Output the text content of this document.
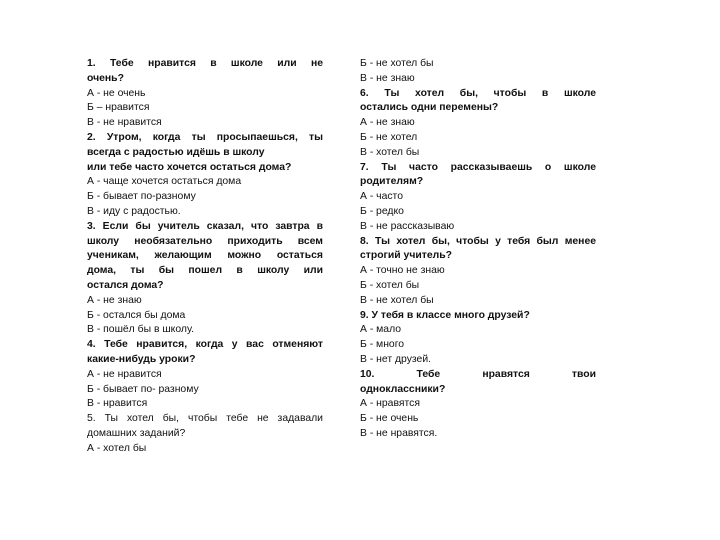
1. Тебе нравится в школе или не
очень?
А - не очень
Б – нравится
В - не нравится
2. Утром, когда ты просыпаешься, ты
всегда с радостью идёшь в школу
или тебе часто хочется остаться дома?
А - чаще хочется остаться дома
Б - бывает по-разному
В - иду с радостью.
3. Если бы учитель сказал, что завтра в
школу необязательно приходить всем
ученикам, желающим можно остаться
дома, ты бы пошел в школу или
остался дома?
А - не знаю
Б - остался бы дома
В - пошёл бы в школу.
4. Тебе нравится, когда у вас отменяют
какие-нибудь уроки?
А - не нравится
Б - бывает по- разному
В - нравится
5. Ты хотел бы, чтобы тебе не задавали
домашних заданий?
А - хотел бы
Б - не хотел бы
В - не знаю
6. Ты хотел бы, чтобы в школе
остались одни перемены?
А - не знаю
Б - не хотел
В - хотел бы
7. Ты часто рассказываешь о школе
родителям?
А - часто
Б - редко
В - не рассказываю
8. Ты хотел бы, чтобы у тебя был менее
строгий учитель?
А - точно не знаю
Б - хотел бы
В - не хотел бы
9. У тебя в классе много друзей?
А - мало
Б - много
В - нет друзей.
10. Тебе нравятся твои
одноклассники?
А - нравятся
Б - не очень
В - не нравятся.
